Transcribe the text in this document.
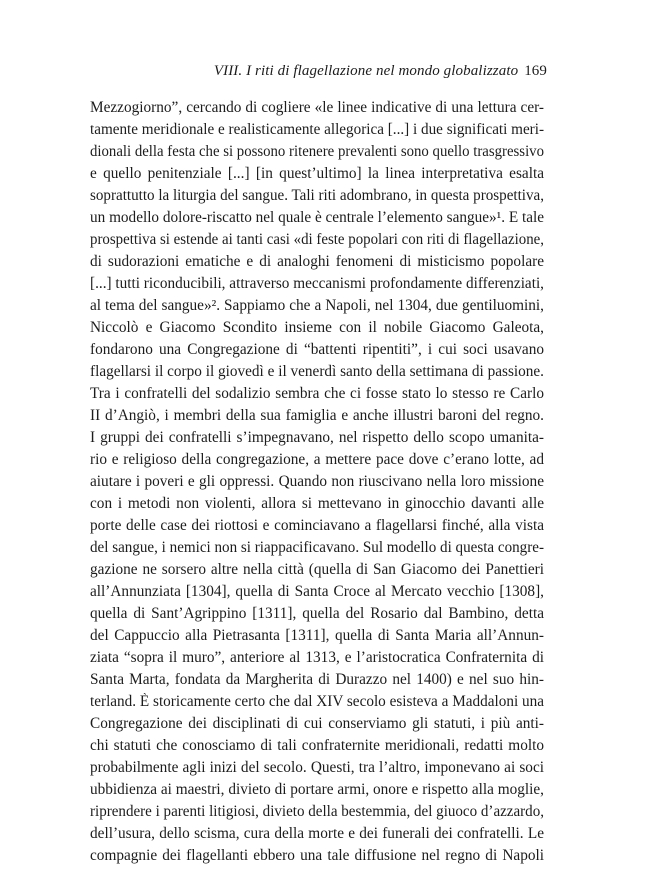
VIII. I riti di flagellazione nel mondo globalizzato 169
Mezzogiorno”, cercando di cogliere «le linee indicative di una lettura cer-
tamente meridionale e realisticamente allegorica [...] i due significati meri-
dionali della festa che si possono ritenere prevalenti sono quello trasgressivo
e quello penitenziale [...] [in quest’ultimo] la linea interpretativa esalta
soprattutto la liturgia del sangue. Tali riti adombrano, in questa prospettiva,
un modello dolore-riscatto nel quale è centrale l’elemento sangue»¹. E tale
prospettiva si estende ai tanti casi «di feste popolari con riti di flagellazione,
di sudorazioni ematiche e di analoghi fenomeni di misticismo popolare
[...] tutti riconducibili, attraverso meccanismi profondamente differenziati,
al tema del sangue»². Sappiamo che a Napoli, nel 1304, due gentiluomini,
Niccolò e Giacomo Scondito insieme con il nobile Giacomo Galeota,
fondarono una Congregazione di “battenti ripentiti”, i cui soci usavano
flagellarsi il corpo il giovedì e il venerdì santo della settimana di passione.
Tra i confratelli del sodalizio sembra che ci fosse stato lo stesso re Carlo
II d’Angiò, i membri della sua famiglia e anche illustri baroni del regno.
I gruppi dei confratelli s’impegnavano, nel rispetto dello scopo umanita-
rio e religioso della congregazione, a mettere pace dove c’erano lotte, ad
aiutare i poveri e gli oppressi. Quando non riuscivano nella loro missione
con i metodi non violenti, allora si mettevano in ginocchio davanti alle
porte delle case dei riottosi e cominciavano a flagellarsi finché, alla vista
del sangue, i nemici non si riappacificavano. Sul modello di questa congre-
gazione ne sorsero altre nella città (quella di San Giacomo dei Panettieri
all’Annunziata [1304], quella di Santa Croce al Mercato vecchio [1308],
quella di Sant’Agrippino [1311], quella del Rosario dal Bambino, detta
del Cappuccio alla Pietrasanta [1311], quella di Santa Maria all’Annun-
ziata “sopra il muro”, anteriore al 1313, e l’aristocratica Confraternita di
Santa Marta, fondata da Margherita di Durazzo nel 1400) e nel suo hin-
terland. È storicamente certo che dal XIV secolo esisteva a Maddaloni una
Congregazione dei disciplinati di cui conserviamo gli statuti, i più anti-
chi statuti che conosciamo di tali confraternite meridionali, redatti molto
probabilmente agli inizi del secolo. Questi, tra l’altro, imponevano ai soci
ubbidienza ai maestri, divieto di portare armi, onore e rispetto alla moglie,
riprendere i parenti litigiosi, divieto della bestemmia, del giuoco d’azzardo,
dell’usura, dello scisma, cura della morte e dei funerali dei confratelli. Le
compagnie dei flagellanti ebbero una tale diffusione nel regno di Napoli
